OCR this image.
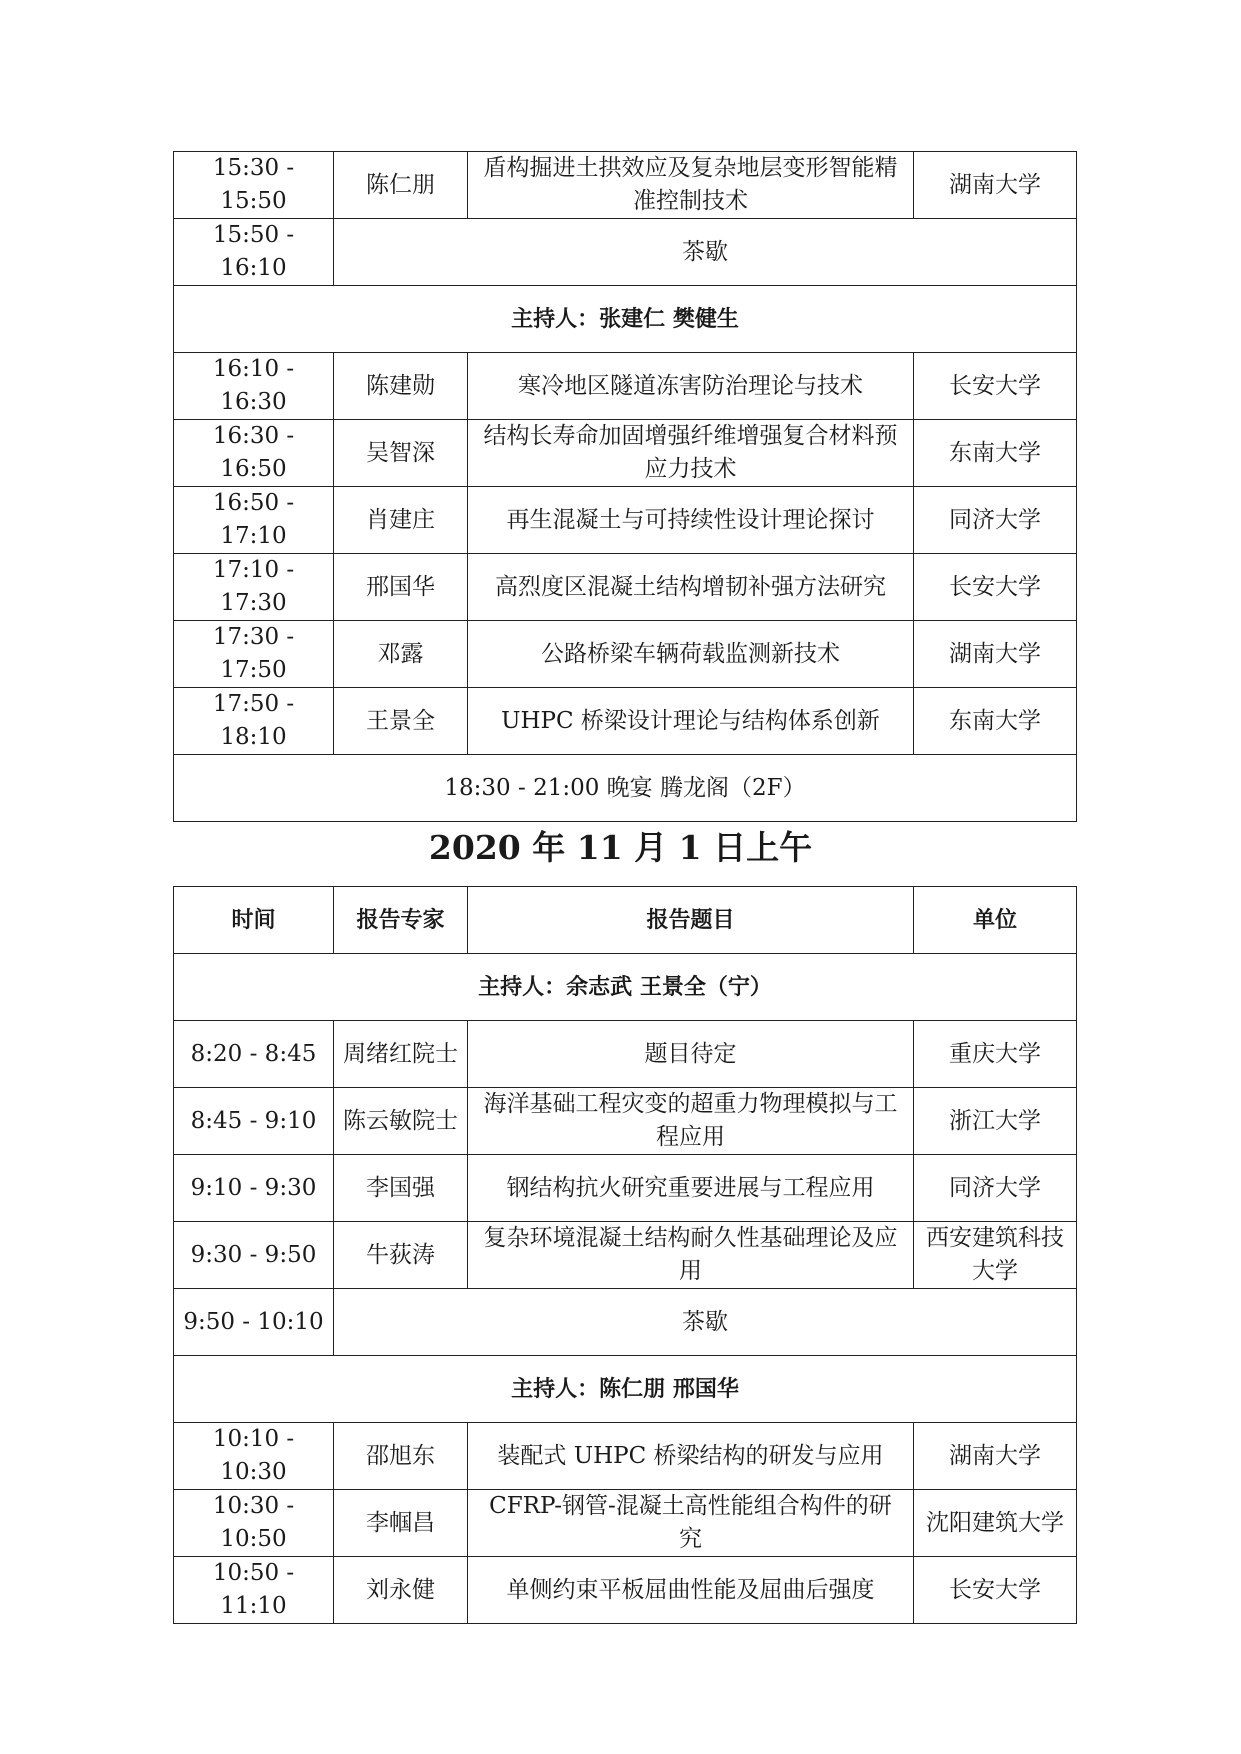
15:30 - 15:50	陈仁朋	盾构掘进土拱效应及复杂地层变形智能精准控制技术	湖南大学
15:50 - 16:10	茶歇		
主持人：张建仁 樊健生			
16:10 - 16:30	陈建勋	寒冷地区隧道冻害防治理论与技术	长安大学
16:30 - 16:50	吴智深	结构长寿命加固增强纤维增强复合材料预应力技术	东南大学
16:50 - 17:10	肖建庄	再生混凝土与可持续性设计理论探讨	同济大学
17:10 - 17:30	邢国华	高烈度区混凝土结构增韧补强方法研究	长安大学
17:30 - 17:50	邓露	公路桥梁车辆荷载监测新技术	湖南大学
17:50 - 18:10	王景全	UHPC 桥梁设计理论与结构体系创新	东南大学
18:30 - 21:00 晚宴 腾龙阁（2F）			
2020 年 11 月 1 日上午
时间	报告专家	报告题目	单位
主持人：余志武 王景全（宁）			
8:20 - 8:45	周绪红院士	题目待定	重庆大学
8:45 - 9:10	陈云敏院士	海洋基础工程灾变的超重力物理模拟与工程应用	浙江大学
9:10 - 9:30	李国强	钢结构抗火研究重要进展与工程应用	同济大学
9:30 - 9:50	牛荻涛	复杂环境混凝土结构耐久性基础理论及应用	西安建筑科技大学
9:50 - 10:10	茶歇		
主持人：陈仁朋 邢国华			
10:10 - 10:30	邵旭东	装配式 UHPC 桥梁结构的研发与应用	湖南大学
10:30 - 10:50	李帼昌	CFRP-钢管-混凝土高性能组合构件的研究	沈阳建筑大学
10:50 - 11:10	刘永健	单侧约束平板屈曲性能及屈曲后强度	长安大学
